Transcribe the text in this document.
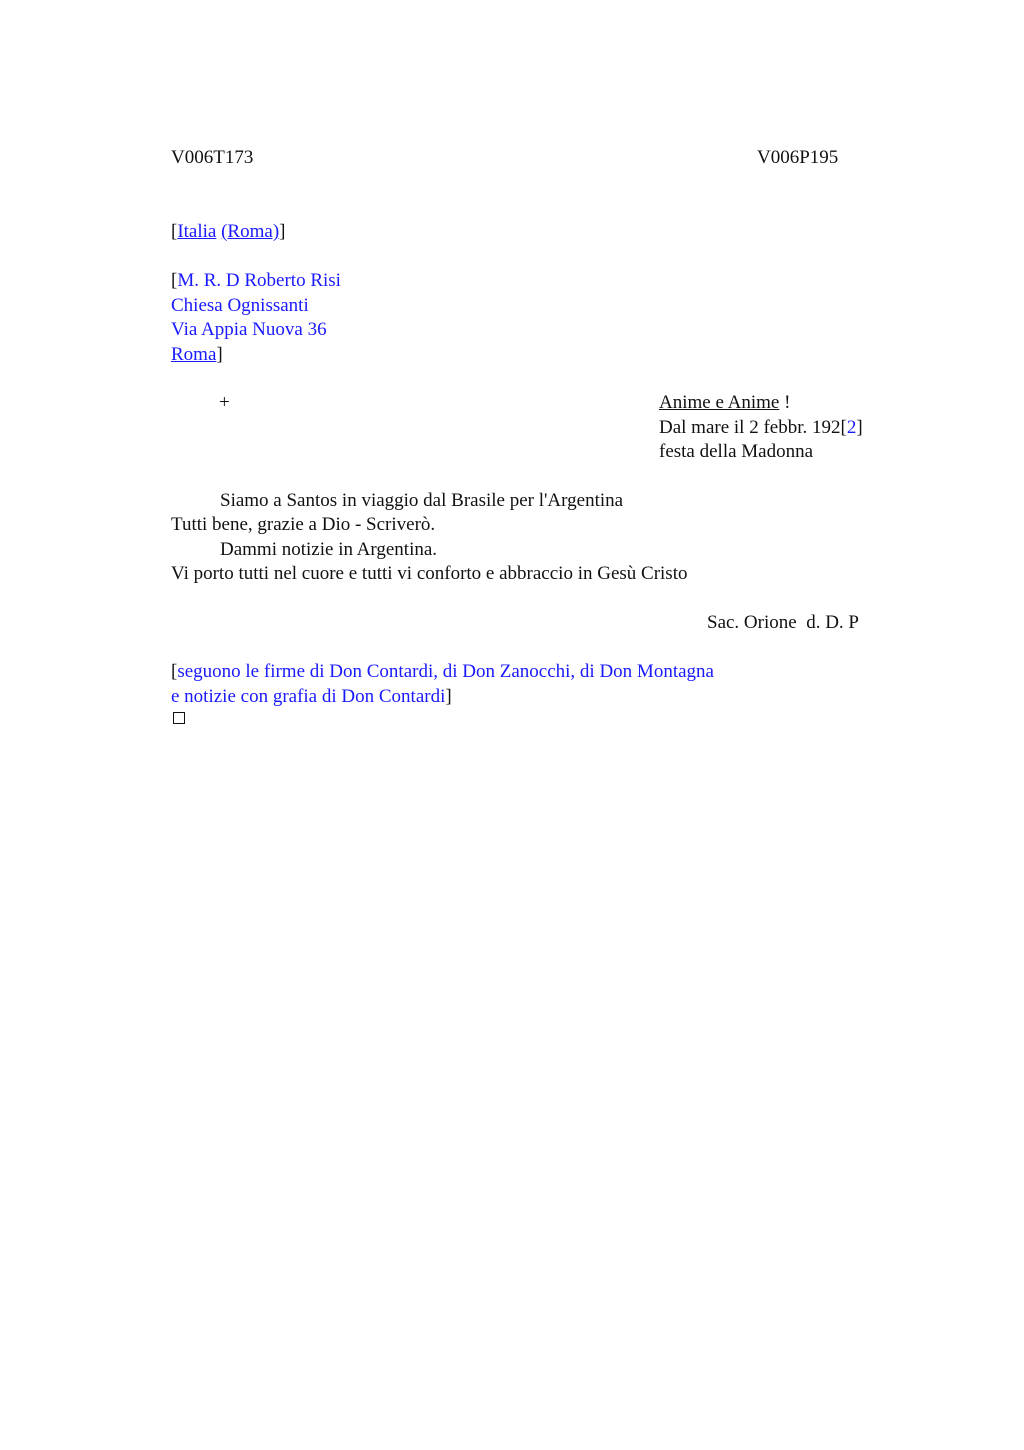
V006T173	V006P195
[Italia (Roma)]
[M. R. D Roberto Risi
Chiesa Ognissanti
Via Appia Nuova 36
Roma]
+	Anime e Anime !
Dal mare il 2 febbr. 192[2]
festa della Madonna
Siamo a Santos in viaggio dal Brasile per l'Argentina
Tutti bene, grazie a Dio - Scriverò.
Dammi notizie in Argentina.
Vi porto tutti nel cuore e tutti vi conforto e abbraccio in Gesù Cristo
Sac. Orione  d. D. P
[seguono le firme di Don Contardi, di Don Zanocchi, di Don Montagna
e notizie con grafia di Don Contardi]
